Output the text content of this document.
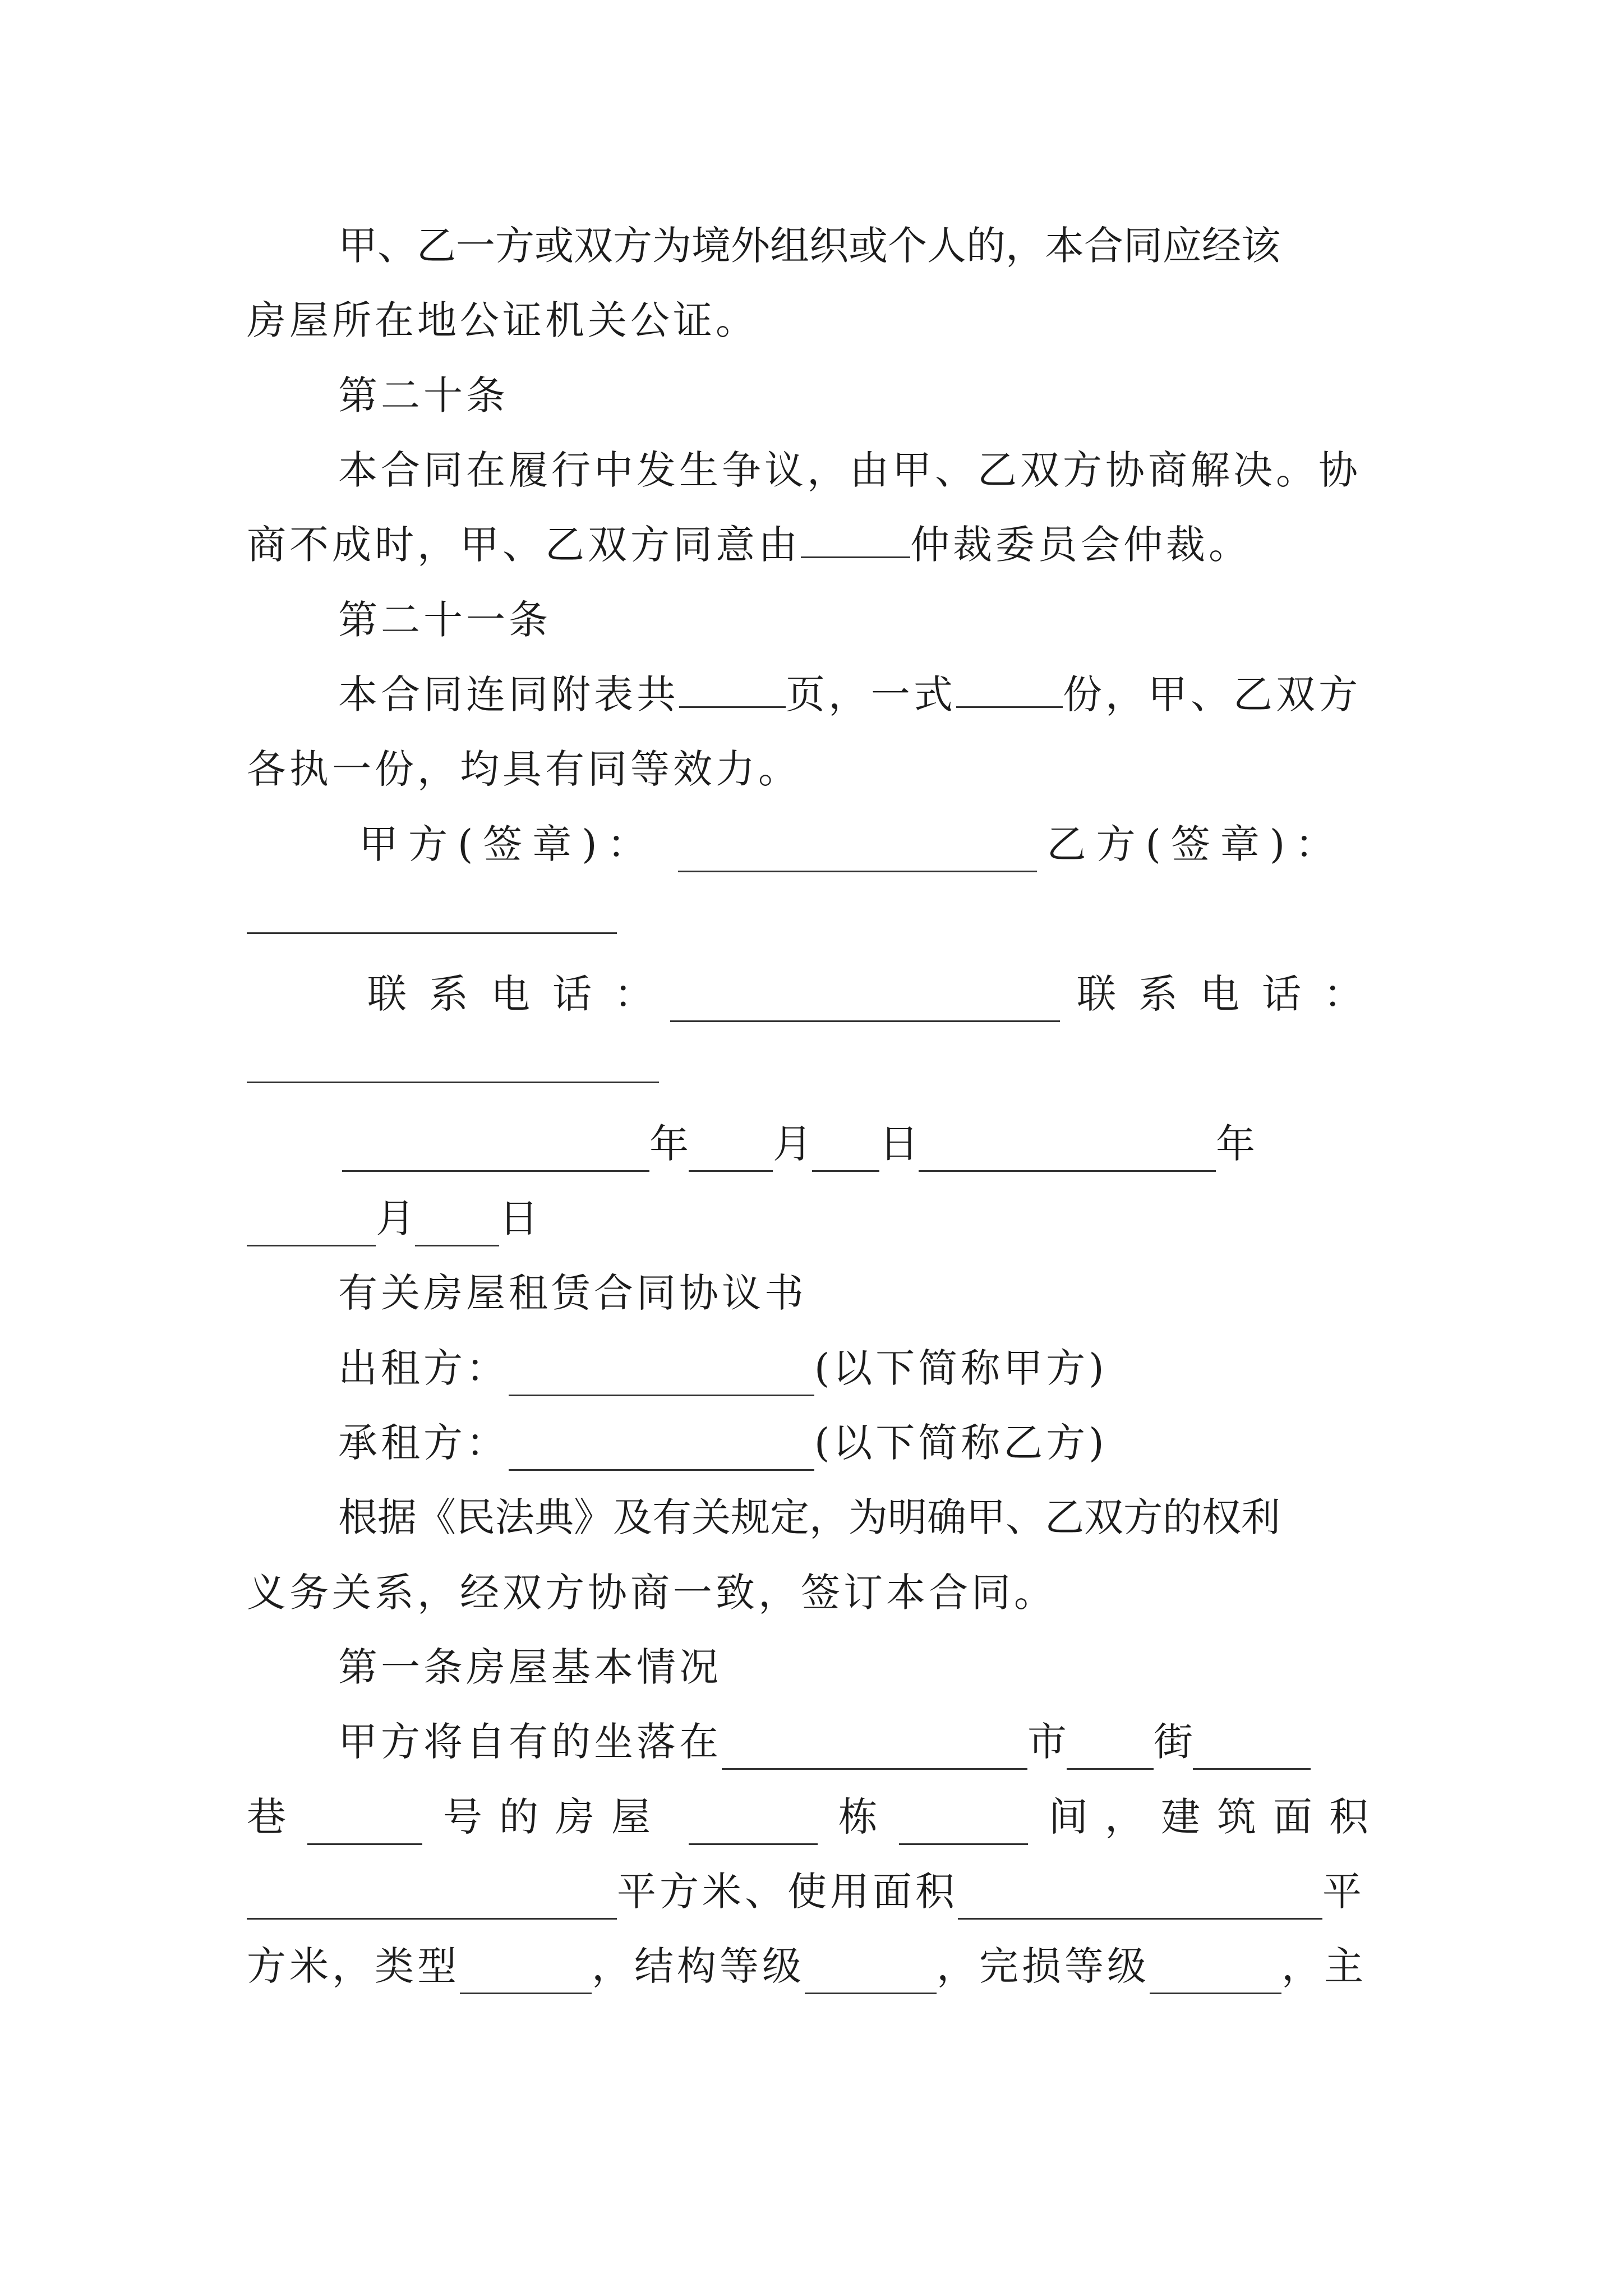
甲、乙一方或双方为境外组织或个人的，本合同应经该
房屋所在地公证机关公证。
第二十条
本合同在履行中发生争议，由甲、乙双方协商解决。协
商不成时，甲、乙双方同意由	仲裁委员会仲裁。
第二十一条
本合同连同附表共	页，一式	份，甲、乙双方
各执一份，均具有同等效力。
甲方(签章)：	乙方(签章)：
联系电话：	联系电话：
年 月 日	年
月 日
有关房屋租赁合同协议书
出租方：	(以下简称甲方)
承租方：	(以下简称乙方)
根据《民法典》及有关规定，为明确甲、乙双方的权利
义务关系，经双方协商一致，签订本合同。
第一条房屋基本情况
甲方将自有的坐落在	市 街
巷	号的房屋	栋	间，建筑面积
平方米、使用面积	平
方米，类型	，结构等级	，完损等级	，主
